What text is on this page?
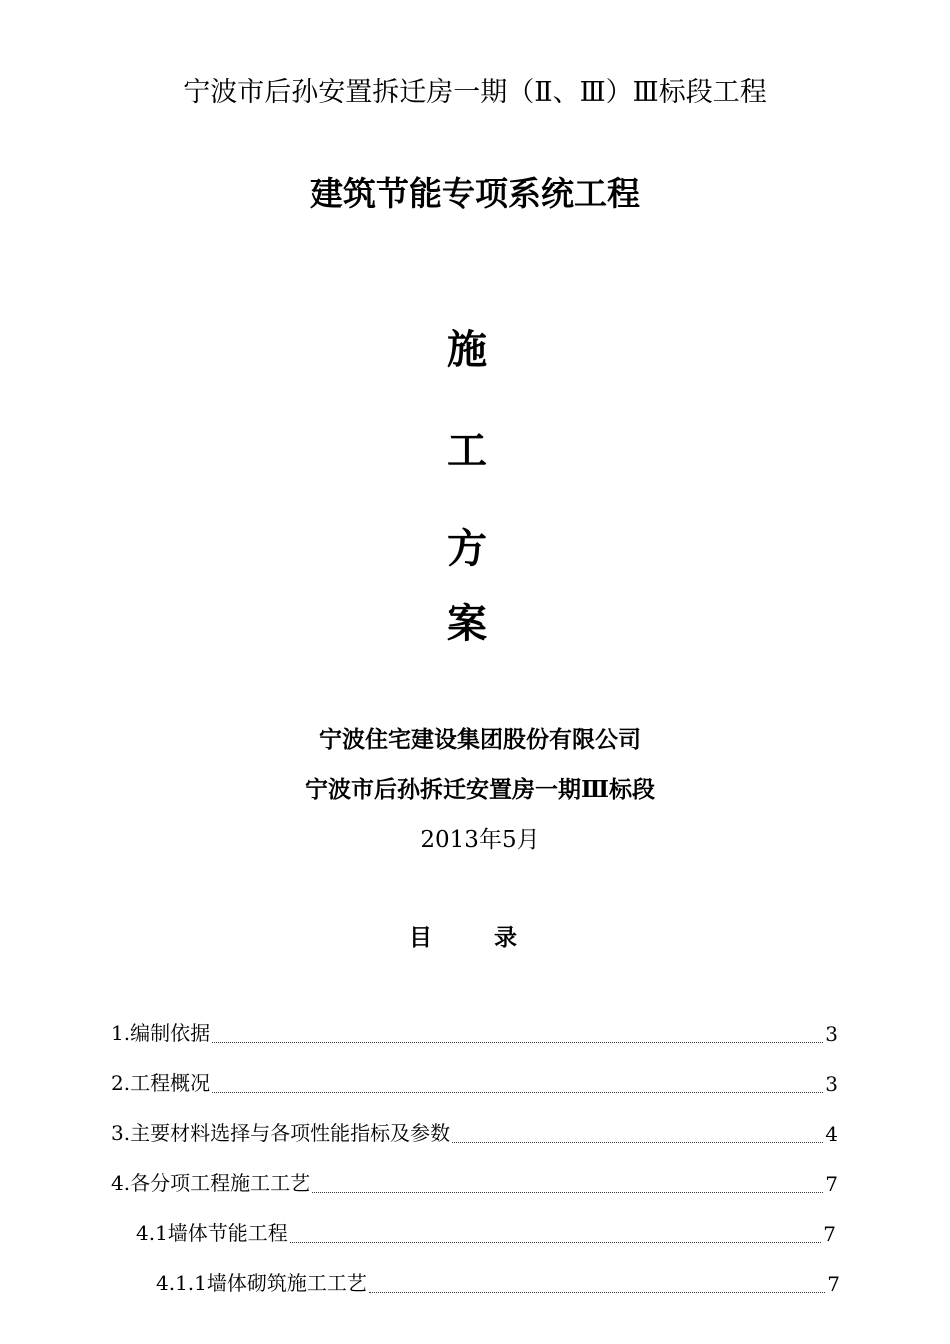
宁波市后孙安置拆迁房一期（Ⅱ、Ⅲ）Ⅲ标段工程
建筑节能专项系统工程
施
工
方
案
宁波住宅建设集团股份有限公司
宁波市后孙拆迁安置房一期Ⅲ标段
2013年5月
目	录
1.编制依据	3
2.工程概况	3
3.主要材料选择与各项性能指标及参数	4
4.各分项工程施工工艺	7
4.1墙体节能工程	7
4.1.1墙体砌筑施工工艺	7
